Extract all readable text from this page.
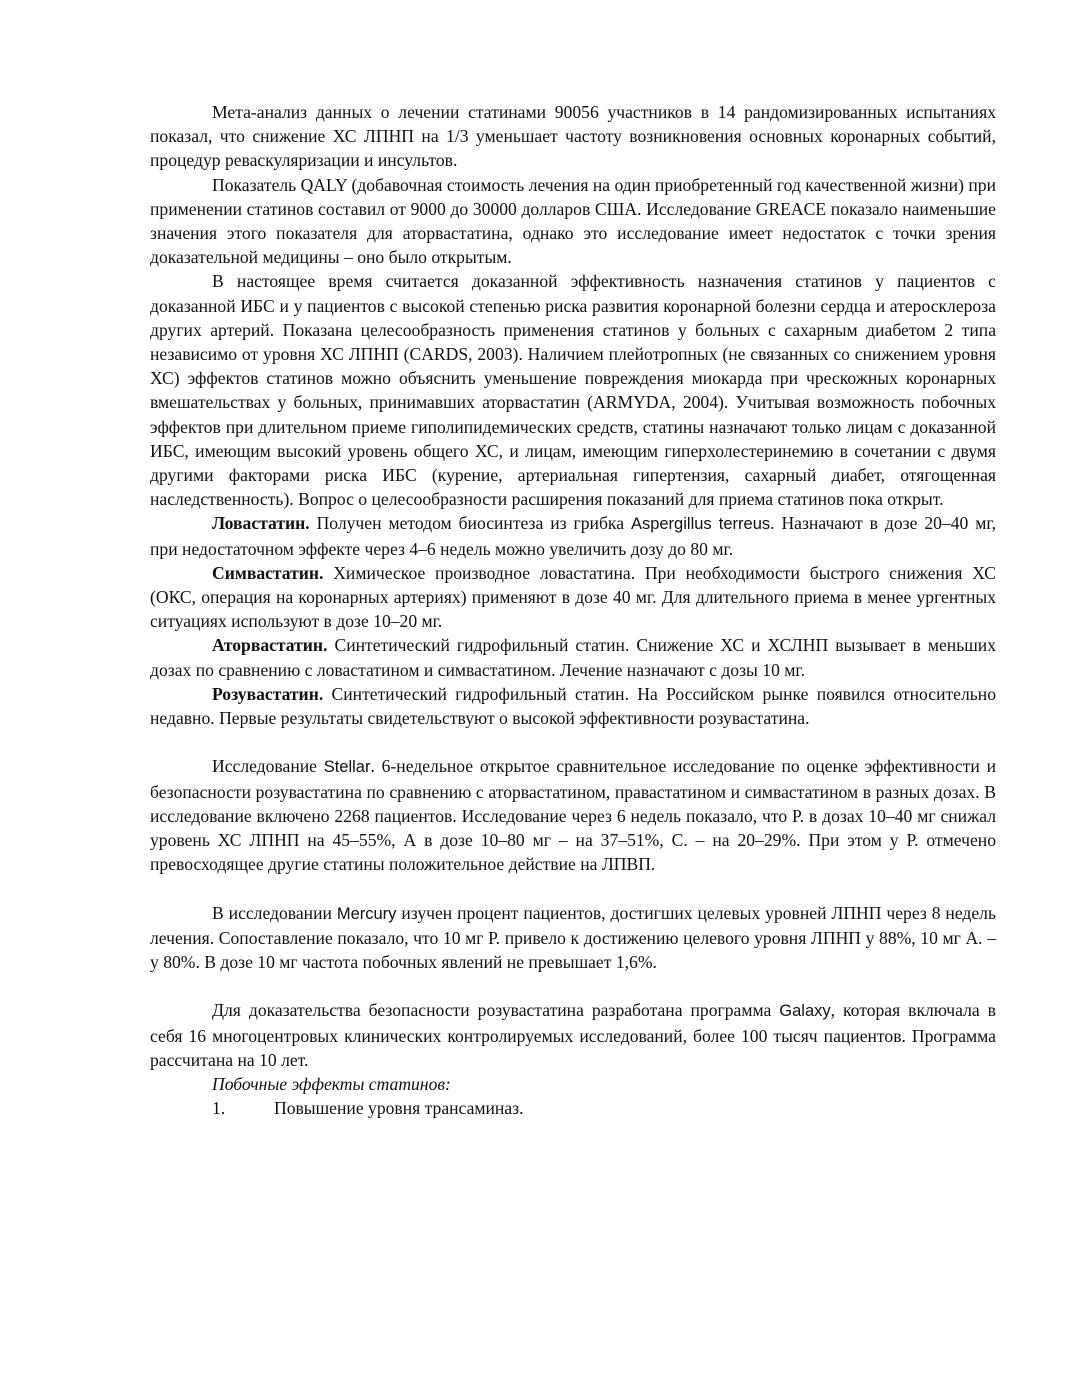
Мета-анализ данных о лечении статинами 90056 участников в 14 рандомизированных испытаниях показал, что снижение ХС ЛПНП на 1/3 уменьшает частоту возникновения основных коронарных событий, процедур реваскуляризации и инсультов.

Показатель QALY (добавочная стоимость лечения на один приобретенный год качественной жизни) при применении статинов составил от 9000 до 30000 долларов США. Исследование GREACE показало наименьшие значения этого показателя для аторвастатина, однако это исследование имеет недостаток с точки зрения доказательной медицины – оно было открытым.

В настоящее время считается доказанной эффективность назначения статинов у пациентов с доказанной ИБС и у пациентов с высокой степенью риска развития коронарной болезни сердца и атеросклероза других артерий. Показана целесообразность применения статинов у больных с сахарным диабетом 2 типа независимо от уровня ХС ЛПНП (CARDS, 2003). Наличием плейотропных (не связанных со снижением уровня ХС) эффектов статинов можно объяснить уменьшение повреждения миокарда при чрескожных коронарных вмешательствах у больных, принимавших аторвастатин (ARMYDA, 2004). Учитывая возможность побочных эффектов при длительном приеме гиполипидемических средств, статины назначают только лицам с доказанной ИБС, имеющим высокий уровень общего ХС, и лицам, имеющим гиперхолестеринемию в сочетании с двумя другими факторами риска ИБС (курение, артериальная гипертензия, сахарный диабет, отягощенная наследственность). Вопрос о целесообразности расширения показаний для приема статинов пока открыт.

Ловастатин. Получен методом биосинтеза из грибка Aspergillus terreus. Назначают в дозе 20–40 мг, при недостаточном эффекте через 4–6 недель можно увеличить дозу до 80 мг.

Симвастатин. Химическое производное ловастатина. При необходимости быстрого снижения ХС (ОКС, операция на коронарных артериях) применяют в дозе 40 мг. Для длительного приема в менее ургентных ситуациях используют в дозе 10–20 мг.

Аторвастатин. Синтетический гидрофильный статин. Снижение ХС и ХСЛНП вызывает в меньших дозах по сравнению с ловастатином и симвастатином. Лечение назначают с дозы 10 мг.

Розувастатин. Синтетический гидрофильный статин. На Российском рынке появился относительно недавно. Первые результаты свидетельствуют о высокой эффективности розувастатина.

Исследование Stellar. 6-недельное открытое сравнительное исследование по оценке эффективности и безопасности розувастатина по сравнению с аторвастатином, правастатином и симвастатином в разных дозах. В исследование включено 2268 пациентов. Исследование через 6 недель показало, что Р. в дозах 10–40 мг снижал уровень ХС ЛПНП на 45–55%, А в дозе 10–80 мг – на 37–51%, С. – на 20–29%. При этом у Р. отмечено превосходящее другие статины положительное действие на ЛПВП.

В исследовании Mercury изучен процент пациентов, достигших целевых уровней ЛПНП через 8 недель лечения. Сопоставление показало, что 10 мг Р. привело к достижению целевого уровня ЛПНП у 88%, 10 мг А. – у 80%. В дозе 10 мг частота побочных явлений не превышает 1,6%.

Для доказательства безопасности розувастатина разработана программа Galaxy, которая включала в себя 16 многоцентровых клинических контролируемых исследований, более 100 тысяч пациентов. Программа рассчитана на 10 лет.

Побочные эффекты статинов:
1.	Повышение уровня трансаминаз.
